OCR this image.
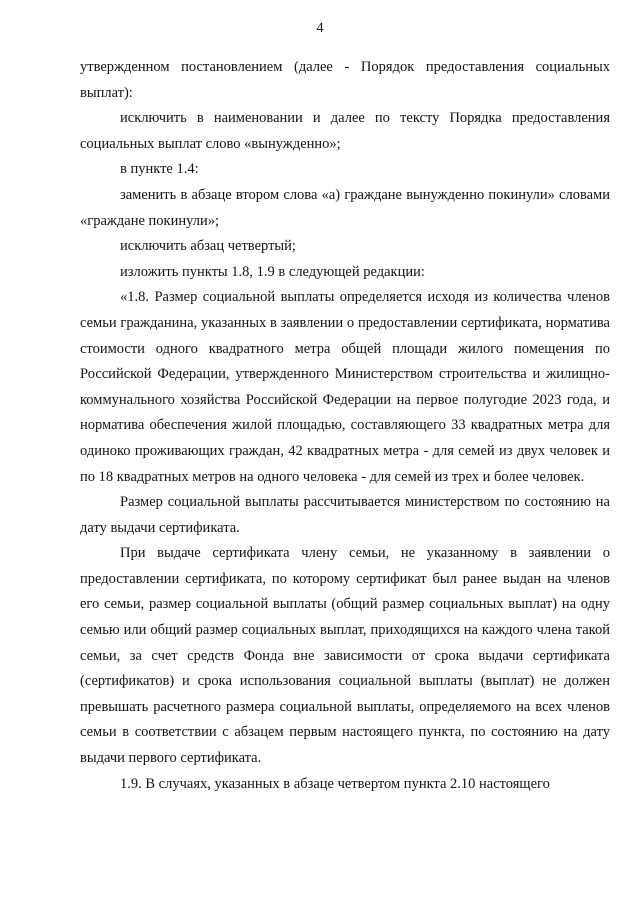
4

утвержденном постановлением (далее - Порядок предоставления социальных выплат):

исключить в наименовании и далее по тексту Порядка предоставления социальных выплат слово «вынужденно»;

в пункте 1.4:

заменить в абзаце втором слова «а) граждане вынужденно покинули» словами «граждане покинули»;

исключить абзац четвертый;

изложить пункты 1.8, 1.9 в следующей редакции:

«1.8. Размер социальной выплаты определяется исходя из количества членов семьи гражданина, указанных в заявлении о предоставлении сертификата, норматива стоимости одного квадратного метра общей площади жилого помещения по Российской Федерации, утвержденного Министерством строительства и жилищно-коммунального хозяйства Российской Федерации на первое полугодие 2023 года, и норматива обеспечения жилой площадью, составляющего 33 квадратных метра для одиноко проживающих граждан, 42 квадратных метра - для семей из двух человек и по 18 квадратных метров на одного человека - для семей из трех и более человек.

Размер социальной выплаты рассчитывается министерством по состоянию на дату выдачи сертификата.

При выдаче сертификата члену семьи, не указанному в заявлении о предоставлении сертификата, по которому сертификат был ранее выдан на членов его семьи, размер социальной выплаты (общий размер социальных выплат) на одну семью или общий размер социальных выплат, приходящихся на каждого члена такой семьи, за счет средств Фонда вне зависимости от срока выдачи сертификата (сертификатов) и срока использования социальной выплаты (выплат) не должен превышать расчетного размера социальной выплаты, определяемого на всех членов семьи в соответствии с абзацем первым настоящего пункта, по состоянию на дату выдачи первого сертификата.

1.9. В случаях, указанных в абзаце четвертом пункта 2.10 настоящего
